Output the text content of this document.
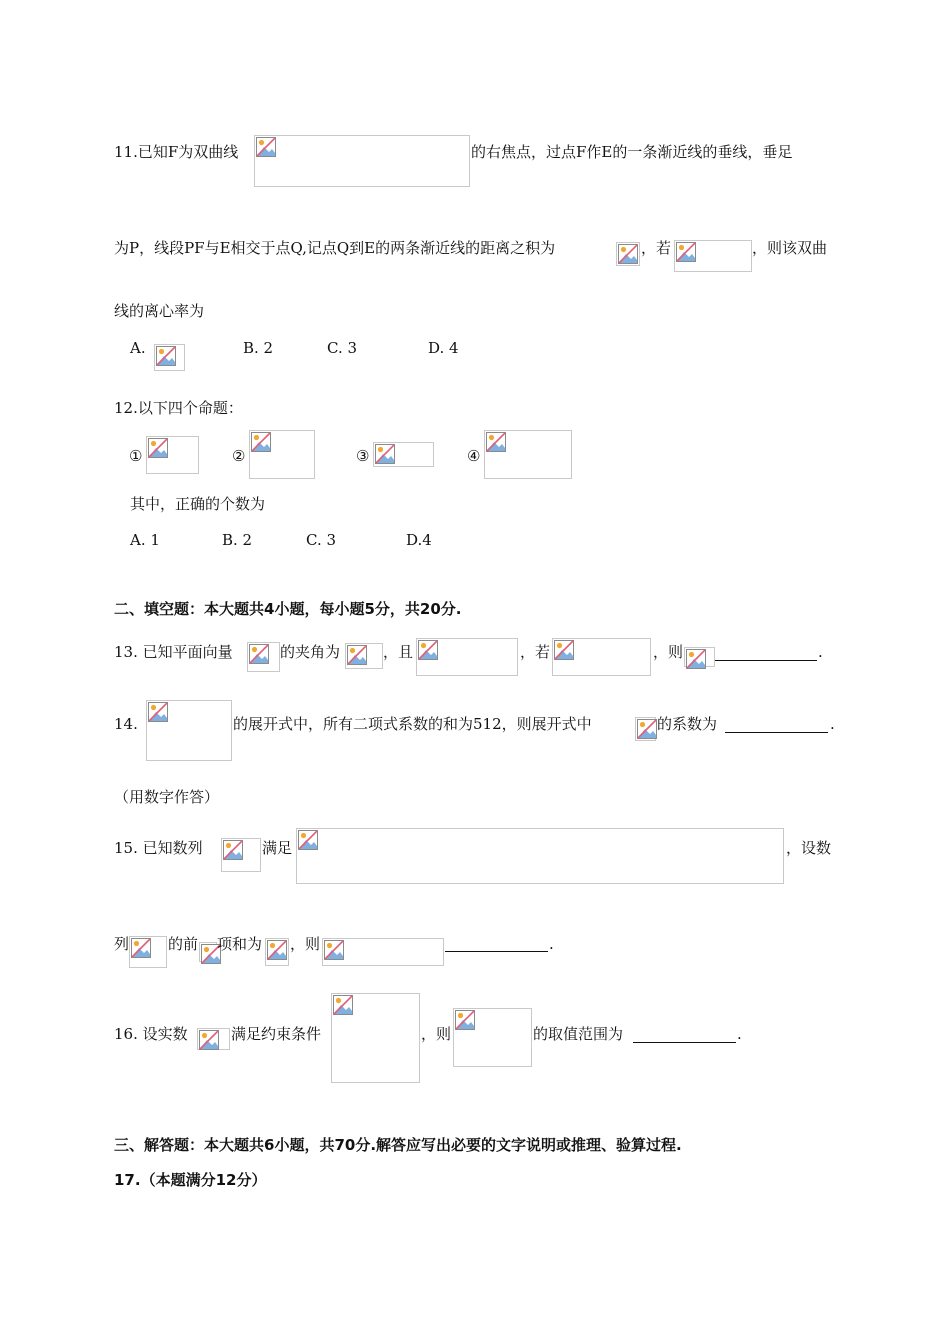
11.已知F为双曲线	的右焦点，过点F作E的一条渐近线的垂线，垂足
为P，线段PF与E相交于点Q,记点Q到E的两条渐近线的距离之积为	，若	，则该双曲
线的离心率为
A.	B. 2	C. 3	D. 4
12.以下四个命题：
①	②	③	④
其中，正确的个数为
A. 1	B. 2	C. 3	D.4
二、填空题：本大题共4小题，每小题5分，共20分.
13. 已知平面向量	的夹角为	，且	，若	，则	.
14.	的展开式中，所有二项式系数的和为512，则展开式中	的系数为	.
（用数字作答）
15. 已知数列	满足	，设数
列	的前 项和为 ，则	.
16. 设实数	满足约束条件	，则	的取值范围为	.
三、解答题：本大题共6小题，共70分.解答应写出必要的文字说明或推理、验算过程.
17.（本题满分12分）
